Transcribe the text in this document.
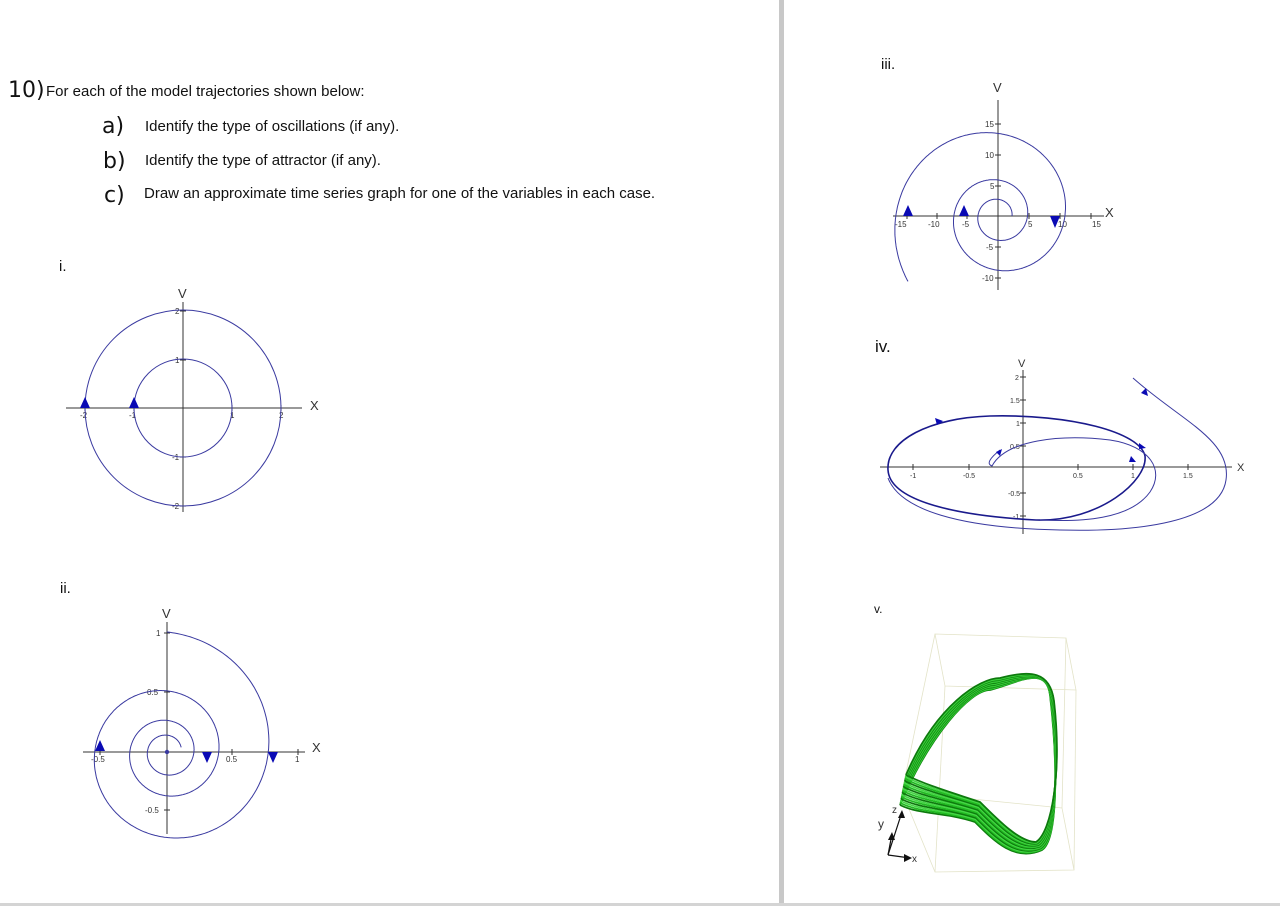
10) For each of the model trajectories shown below:
a) Identify the type of oscillations (if any).
b) Identify the type of attractor (if any).
c) Draw an approximate time series graph for one of the variables in each case.
i.
ii.
iii.
iv.
v.
-2	-1	1	2
2
1
-1
-2
X
V
-0.5	0.5	1
1
0.5
-0.5
X
V
-15	-10	-5	5	10	15
15
10
5
-5
-10
X
V
-1	-0.5	0.5	1	1.5
2
1.5
1
0.5
-0.5
-1
X
V
z
y
x
